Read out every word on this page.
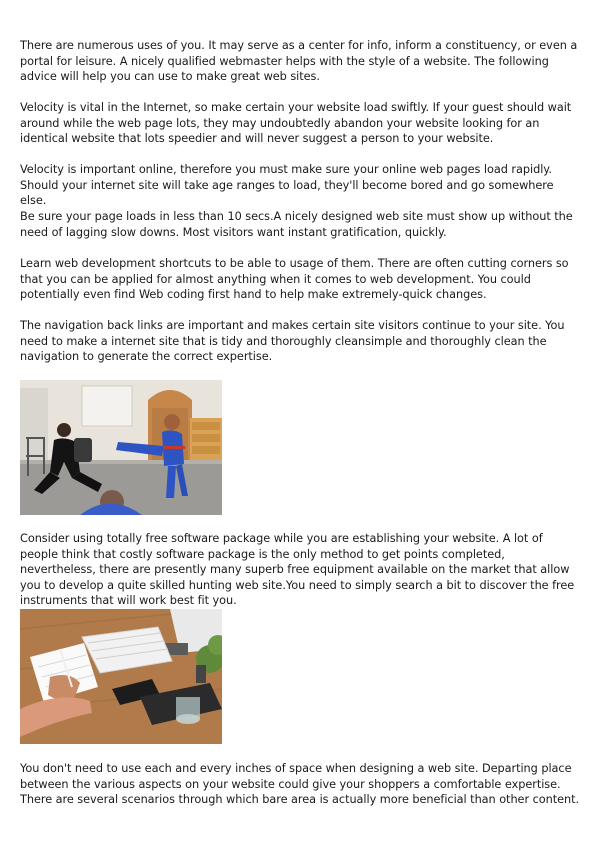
There are numerous uses of you. It may serve as a center for info, inform a constituency, or even a portal for leisure. A nicely qualified webmaster helps with the style of a website. The following advice will help you can use to make great web sites.

Velocity is vital in the Internet, so make certain your website load swiftly. If your guest should wait around while the web page lots, they may undoubtedly abandon your website looking for an identical website that lots speedier and will never suggest a person to your website.

Velocity is important online, therefore you must make sure your online web pages load rapidly. Should your internet site will take age ranges to load, they'll become bored and go somewhere else.

Be sure your page loads in less than 10 secs.A nicely designed web site must show up without the need of lagging slow downs. Most visitors want instant gratification, quickly.

Learn web development shortcuts to be able to usage of them. There are often cutting corners so that you can be applied for almost anything when it comes to web development. You could potentially even find Web coding first hand to help make extremely-quick changes.

The navigation back links are important and makes certain site visitors continue to your site. You need to make a internet site that is tidy and thoroughly cleansimple and thoroughly clean the navigation to generate the correct expertise.

Consider using totally free software package while you are establishing your website. A lot of people think that costly software package is the only method to get points completed, nevertheless, there are presently many superb free equipment available on the market that allow you to develop a quite skilled hunting web site.You need to simply search a bit to discover the free instruments that will work best fit you.

You don't need to use each and every inches of space when designing a web site. Departing place between the various aspects on your website could give your shoppers a comfortable expertise. There are several scenarios through which bare area is actually more beneficial than other content.
